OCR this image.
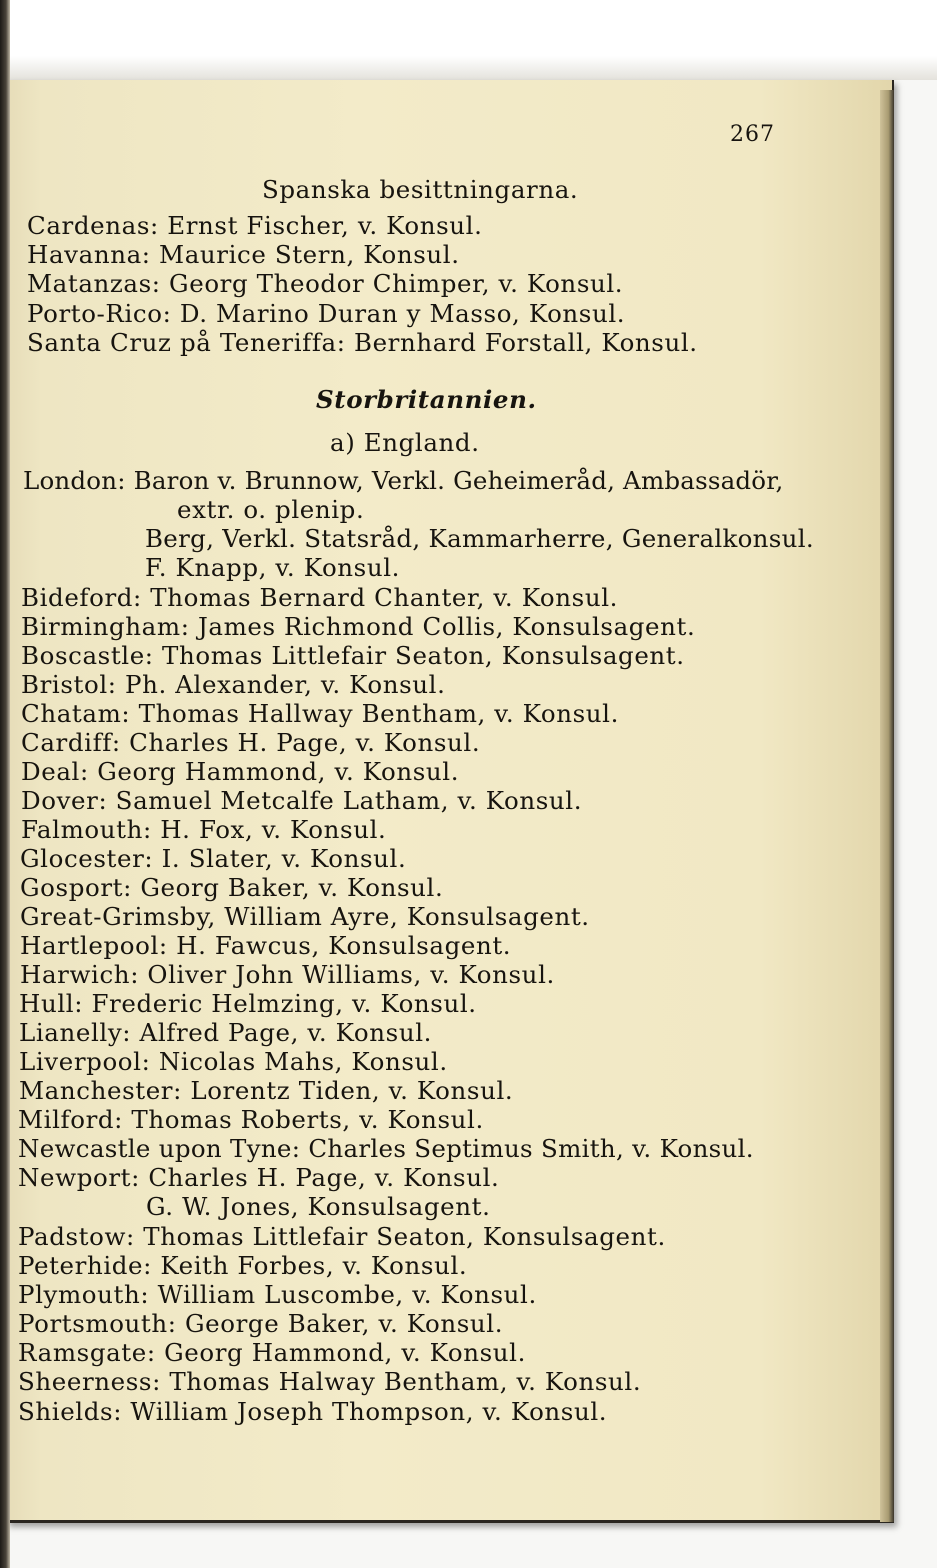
267
Spanska besittningarna.
Cardenas: Ernst Fischer, v. Konsul.
Havanna: Maurice Stern, Konsul.
Matanzas: Georg Theodor Chimper, v. Konsul.
Porto-Rico: D. Marino Duran y Masso, Konsul.
Santa Cruz på Teneriffa: Bernhard Forstall, Konsul.
Storbritannien.
a) England.
London: Baron v. Brunnow, Verkl. Geheimeråd, Ambassadör,
extr. o. plenip.
Berg, Verkl. Statsråd, Kammarherre, Generalkonsul.
F. Knapp, v. Konsul.
Bideford: Thomas Bernard Chanter, v. Konsul.
Birmingham: James Richmond Collis, Konsulsagent.
Boscastle: Thomas Littlefair Seaton, Konsulsagent.
Bristol: Ph. Alexander, v. Konsul.
Chatam: Thomas Hallway Bentham, v. Konsul.
Cardiff: Charles H. Page, v. Konsul.
Deal: Georg Hammond, v. Konsul.
Dover: Samuel Metcalfe Latham, v. Konsul.
Falmouth: H. Fox, v. Konsul.
Glocester: I. Slater, v. Konsul.
Gosport: Georg Baker, v. Konsul.
Great-Grimsby, William Ayre, Konsulsagent.
Hartlepool: H. Fawcus, Konsulsagent.
Harwich: Oliver John Williams, v. Konsul.
Hull: Frederic Helmzing, v. Konsul.
Lianelly: Alfred Page, v. Konsul.
Liverpool: Nicolas Mahs, Konsul.
Manchester: Lorentz Tiden, v. Konsul.
Milford: Thomas Roberts, v. Konsul.
Newcastle upon Tyne: Charles Septimus Smith, v. Konsul.
Newport: Charles H. Page, v. Konsul.
G. W. Jones, Konsulsagent.
Padstow: Thomas Littlefair Seaton, Konsulsagent.
Peterhide: Keith Forbes, v. Konsul.
Plymouth: William Luscombe, v. Konsul.
Portsmouth: George Baker, v. Konsul.
Ramsgate: Georg Hammond, v. Konsul.
Sheerness: Thomas Halway Bentham, v. Konsul.
Shields: William Joseph Thompson, v. Konsul.
